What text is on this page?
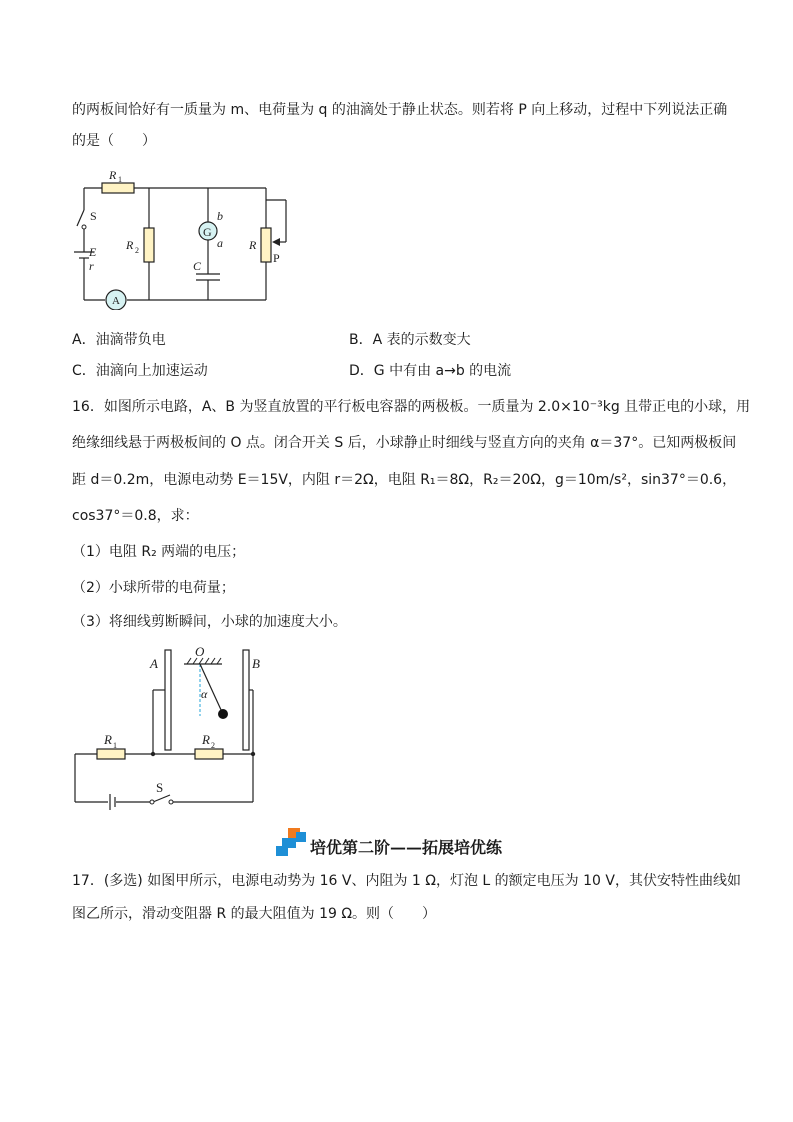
的两板间恰好有一质量为 m、电荷量为 q 的油滴处于静止状态。则若将 P 向上移动，过程中下列说法正确
的是（　　）
R 1
S
E
r
R 2
G
b
a
C
R
P
A
A．油滴带负电	B．A 表的示数变大
C．油滴向上加速运动	D．G 中有由 a→b 的电流
16．如图所示电路，A、B 为竖直放置的平行板电容器的两极板。一质量为 2.0×10⁻³kg 且带正电的小球，用
绝缘细线悬于两极板间的 O 点。闭合开关 S 后，小球静止时细线与竖直方向的夹角 α＝37°。已知两极板间
距 d＝0.2m，电源电动势 E＝15V，内阻 r＝2Ω，电阻 R₁＝8Ω，R₂＝20Ω，g＝10m/s²，sin37°＝0.6，
cos37°＝0.8，求：
（1）电阻 R₂ 两端的电压；
（2）小球所带的电荷量；
（3）将细线剪断瞬间，小球的加速度大小。
A	B
O
α
R 1	R 2
S
培优第二阶——拓展培优练
17．(多选) 如图甲所示，电源电动势为 16 V、内阻为 1 Ω，灯泡 L 的额定电压为 10 V，其伏安特性曲线如
图乙所示，滑动变阻器 R 的最大阻值为 19 Ω。则（　　）
